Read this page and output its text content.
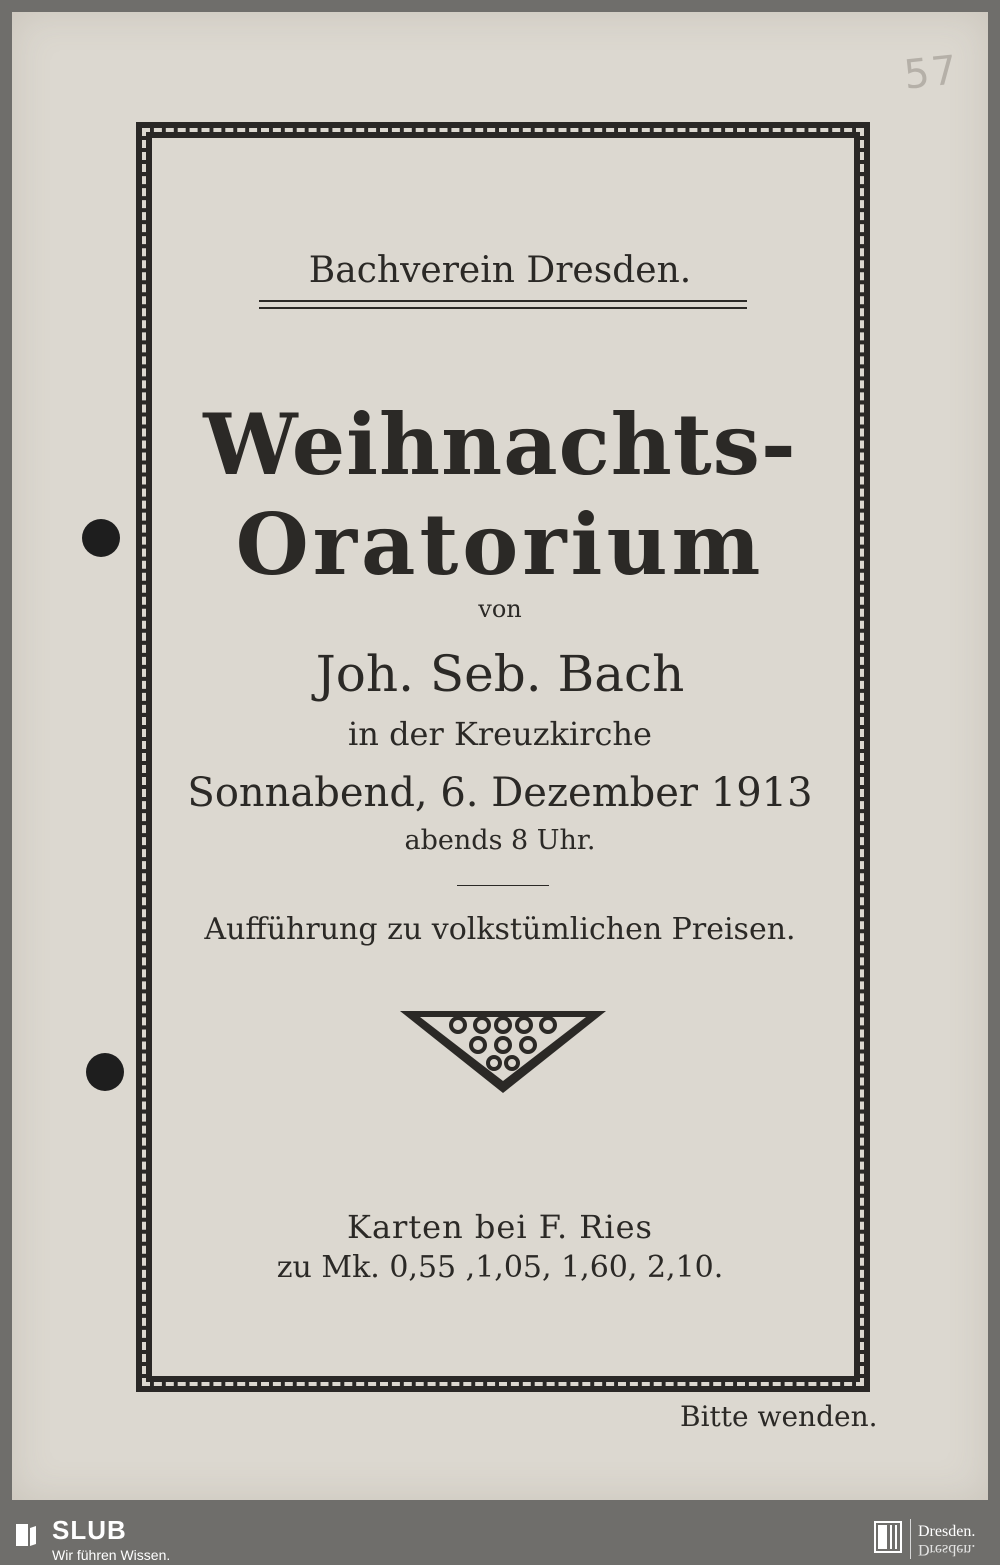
57
Bachverein Dresden.
Weihnachts-
Oratorium
von
Joh. Seb. Bach
in der Kreuzkirche
Sonnabend, 6. Dezember 1913
abends 8 Uhr.
Aufführung zu volkstümlichen Preisen.
Karten bei F. Ries
zu Mk. 0,55 ,1,05, 1,60, 2,10.
Bitte wenden.
SLUB
Wir führen Wissen.
Dresden.
Dresden.
